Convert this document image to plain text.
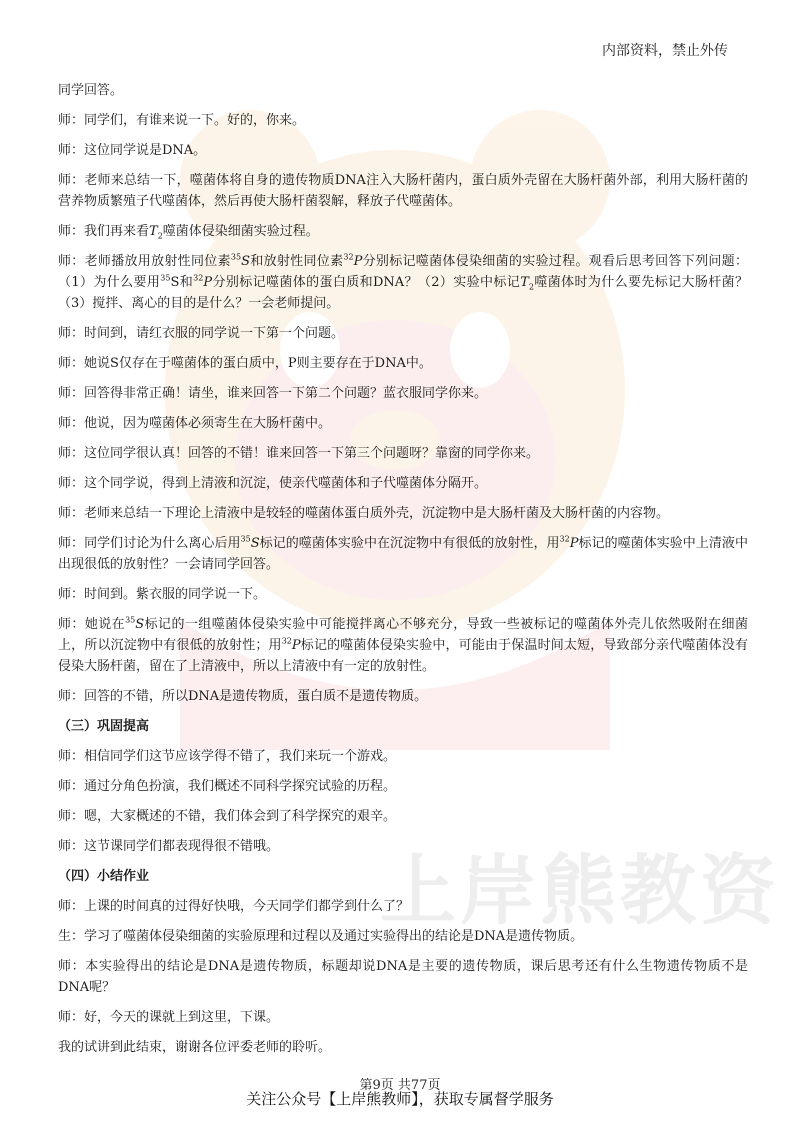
上岸熊教资
内部资料，禁止外传

同学回答。

师：同学们，有谁来说一下。好的，你来。

师：这位同学说是DNA。

师：老师来总结一下，噬菌体将自身的遗传物质DNA注入大肠杆菌内，蛋白质外壳留在大肠杆菌外部，利用大肠杆菌的营养物质繁殖子代噬菌体，然后再使大肠杆菌裂解，释放子代噬菌体。

师：我们再来看$T_2$噬菌体侵染细菌实验过程。

师：老师播放用放射性同位素$^{35}$S和放射性同位素$^{32}$P分别标记噬菌体侵染细菌的实验过程。观看后思考回答下列问题：（1）为什么要用$^{35}$S和$^{32}$P分别标记噬菌体的蛋白质和DNA？（2）实验中标记$T_2$噬菌体时为什么要先标记大肠杆菌？（3）搅拌、离心的目的是什么？一会老师提问。

师：时间到，请红衣服的同学说一下第一个问题。

师：她说S仅存在于噬菌体的蛋白质中，P则主要存在于DNA中。

师：回答得非常正确！请坐，谁来回答一下第二个问题？蓝衣服同学你来。

师：他说，因为噬菌体必须寄生在大肠杆菌中。

师：这位同学很认真！回答的不错！谁来回答一下第三个问题呀？靠窗的同学你来。

师：这个同学说，得到上清液和沉淀，使亲代噬菌体和子代噬菌体分隔开。

师：老师来总结一下理论上清液中是较轻的噬菌体蛋白质外壳，沉淀物中是大肠杆菌及大肠杆菌的内容物。

师：同学们讨论为什么离心后用$^{35}$S标记的噬菌体实验中在沉淀物中有很低的放射性，用$^{32}$P标记的噬菌体实验中上清液中出现很低的放射性？一会请同学回答。

师：时间到。紫衣服的同学说一下。

师：她说在$^{35}$S标记的一组噬菌体侵染实验中可能搅拌离心不够充分，导致一些被标记的噬菌体外壳儿依然吸附在细菌上，所以沉淀物中有很低的放射性；用$^{32}$P标记的噬菌体侵染实验中，可能由于保温时间太短，导致部分亲代噬菌体没有侵染大肠杆菌，留在了上清液中，所以上清液中有一定的放射性。

师：回答的不错，所以DNA是遗传物质，蛋白质不是遗传物质。

（三）巩固提高

师：相信同学们这节应该学得不错了，我们来玩一个游戏。

师：通过分角色扮演，我们概述不同科学探究试验的历程。

师：嗯，大家概述的不错，我们体会到了科学探究的艰辛。

师：这节课同学们都表现得很不错哦。

（四）小结作业

师：上课的时间真的过得好快哦，今天同学们都学到什么了？

生：学习了噬菌体侵染细菌的实验原理和过程以及通过实验得出的结论是DNA是遗传物质。

师：本实验得出的结论是DNA是遗传物质，标题却说DNA是主要的遗传物质，课后思考还有什么生物遗传物质不是DNA呢？

师：好，今天的课就上到这里，下课。

我的试讲到此结束，谢谢各位评委老师的聆听。

第9页 共77页
关注公众号【上岸熊教师】，获取专属督学服务
